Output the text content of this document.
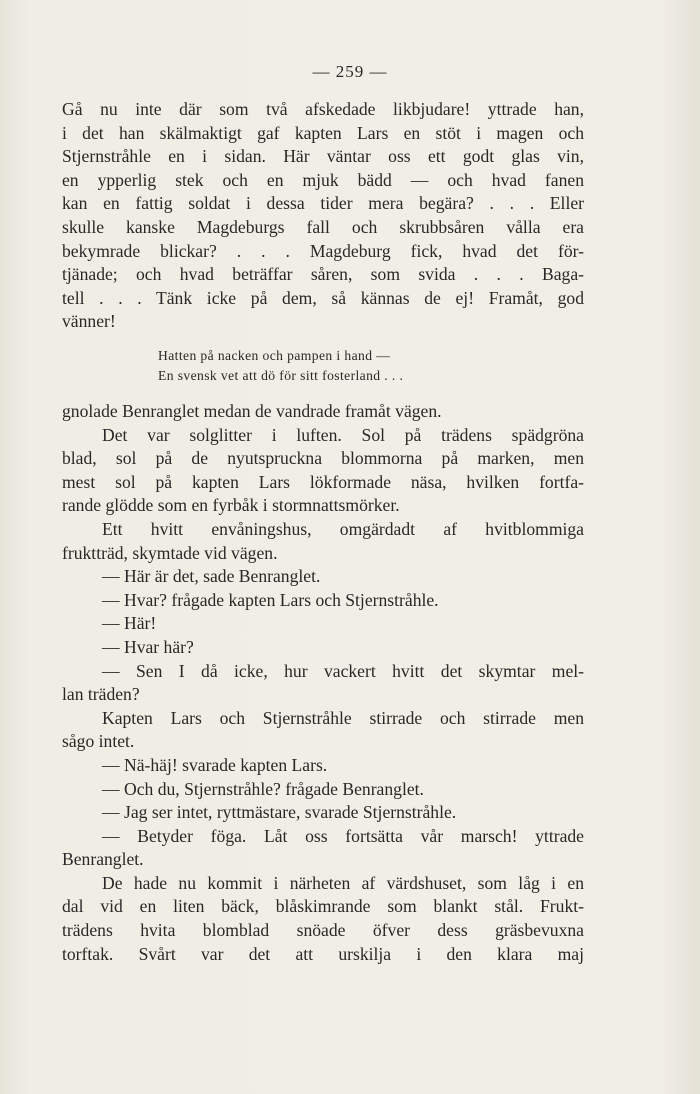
— 259 —
Gå nu inte där som två afskedade likbjudare! yttrade han,
i det han skälmaktigt gaf kapten Lars en stöt i magen och
Stjernstråhle en i sidan. Här väntar oss ett godt glas vin,
en ypperlig stek och en mjuk bädd — och hvad fanen
kan en fattig soldat i dessa tider mera begära? . . . Eller
skulle kanske Magdeburgs fall och skrubbsåren vålla era
bekymrade blickar? . . . Magdeburg fick, hvad det för-
tjänade; och hvad beträffar såren, som svida . . . Baga-
tell . . . Tänk icke på dem, så kännas de ej! Framåt, god
vänner!
Hatten på nacken och pampen i hand —
En svensk vet att dö för sitt fosterland . . .
gnolade Benranglet medan de vandrade framåt vägen.
Det var solglitter i luften. Sol på trädens spädgröna
blad, sol på de nyutspruckna blommorna på marken, men
mest sol på kapten Lars lökformade näsa, hvilken fortfa-
rande glödde som en fyrbåk i stormnattsmörker.
Ett hvitt envåningshus, omgärdadt af hvitblommiga
fruktträd, skymtade vid vägen.
— Här är det, sade Benranglet.
— Hvar? frågade kapten Lars och Stjernstråhle.
— Här!
— Hvar här?
— Sen I då icke, hur vackert hvitt det skymtar mel-
lan träden?
Kapten Lars och Stjernstråhle stirrade och stirrade men
sågo intet.
— Nä-häj! svarade kapten Lars.
— Och du, Stjernstråhle? frågade Benranglet.
— Jag ser intet, ryttmästare, svarade Stjernstråhle.
— Betyder föga. Låt oss fortsätta vår marsch! yttrade
Benranglet.
De hade nu kommit i närheten af värdshuset, som låg i en
dal vid en liten bäck, blåskimrande som blankt stål. Frukt-
trädens hvita blomblad snöade öfver dess gräsbevuxna
torftak. Svårt var det att urskilja i den klara maj
